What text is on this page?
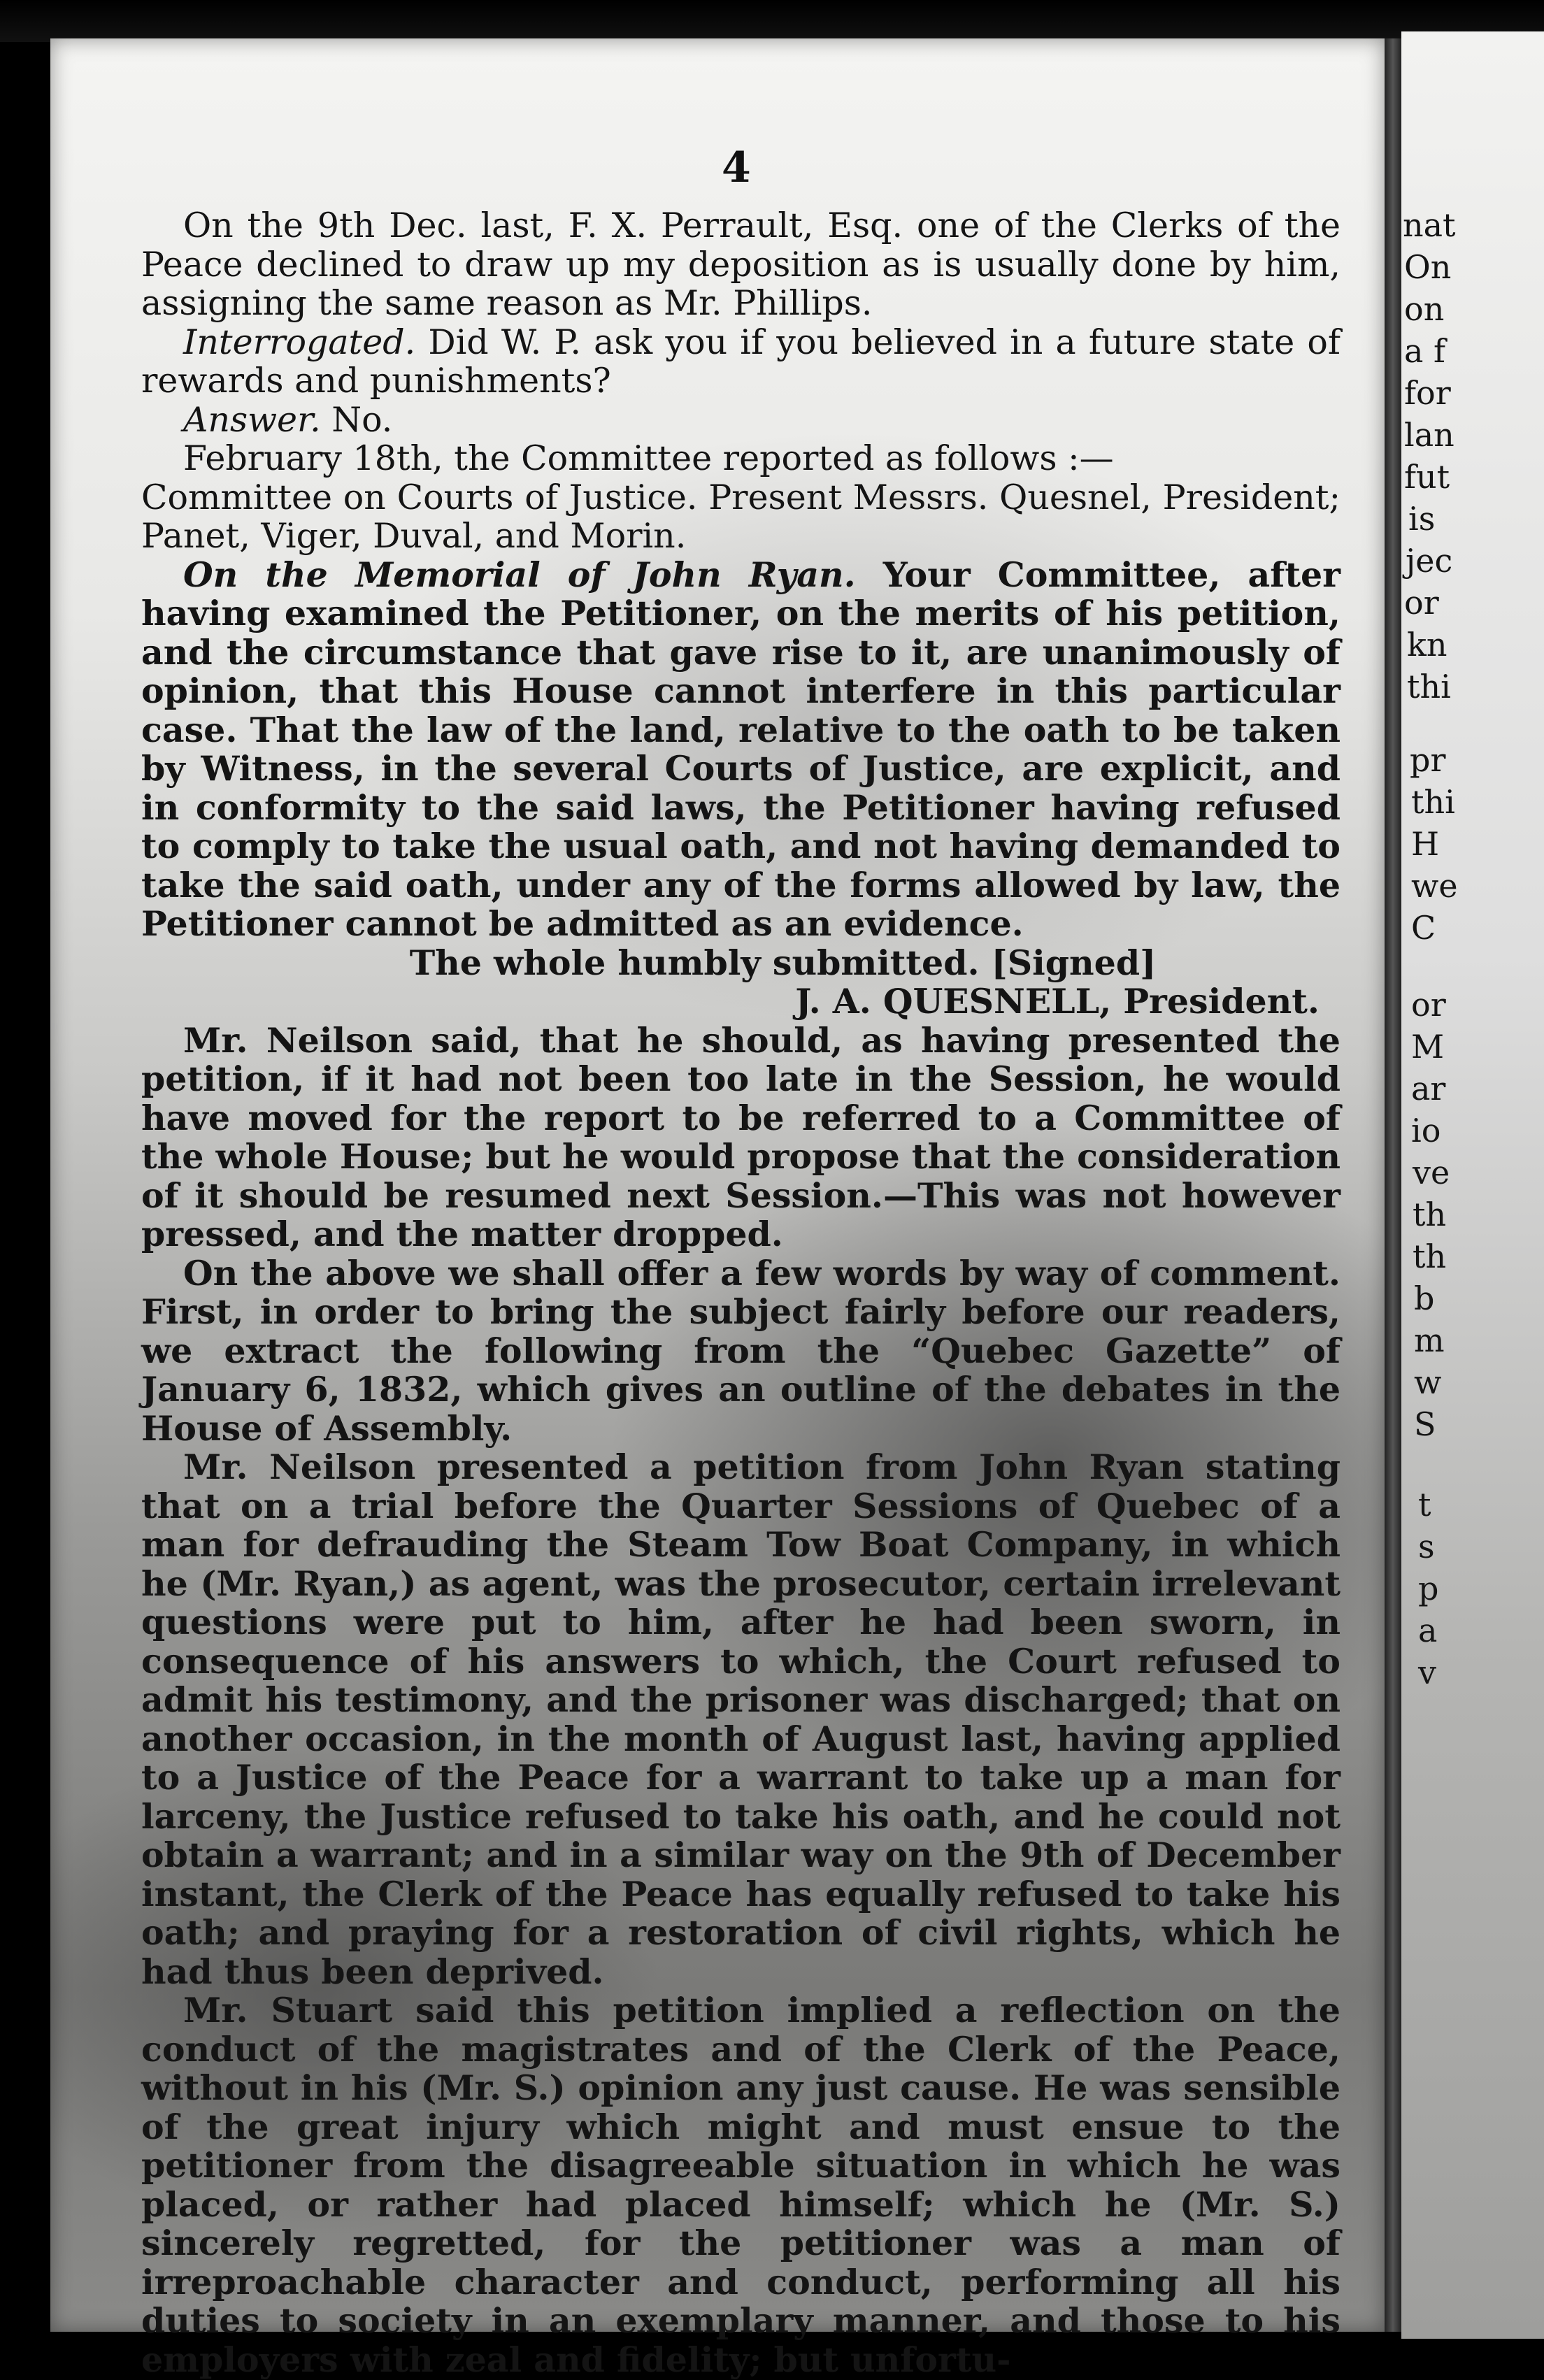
4

On the 9th Dec. last, F. X. Perrault, Esq. one of the Clerks of the Peace declined to draw up my deposition as is usually done by him, assigning the same reason as Mr. Phillips.

Interrogated. Did W. P. ask you if you believed in a future state of rewards and punishments?

Answer. No.

February 18th, the Committee reported as follows :—

Committee on Courts of Justice. Present Messrs. Quesnel, President; Panet, Viger, Duval, and Morin.

On the Memorial of John Ryan. Your Committee, after having examined the Petitioner, on the merits of his petition, and the circumstance that gave rise to it, are unanimously of opinion, that this House cannot interfere in this particular case. That the law of the land, relative to the oath to be taken by Witness, in the several Courts of Justice, are explicit, and in conformity to the said laws, the Petitioner having refused to comply to take the usual oath, and not having demanded to take the said oath, under any of the forms allowed by law, the Petitioner cannot be admitted as an evidence.

The whole humbly submitted. [Signed]

J. A. QUESNELL, President.

Mr. Neilson said, that he should, as having presented the petition, if it had not been too late in the Session, he would have moved for the report to be referred to a Committee of the whole House; but he would propose that the consideration of it should be resumed next Session.—This was not however pressed, and the matter dropped.

On the above we shall offer a few words by way of comment. First, in order to bring the subject fairly before our readers, we extract the following from the “Quebec Gazette” of January 6, 1832, which gives an outline of the debates in the House of Assembly.

Mr. Neilson presented a petition from John Ryan stating that on a trial before the Quarter Sessions of Quebec of a man for defrauding the Steam Tow Boat Company, in which he (Mr. Ryan,) as agent, was the prosecutor, certain irrelevant questions were put to him, after he had been sworn, in consequence of his answers to which, the Court refused to admit his testimony, and the prisoner was discharged; that on another occasion, in the month of August last, having applied to a Justice of the Peace for a warrant to take up a man for larceny, the Justice refused to take his oath, and he could not obtain a warrant; and in a similar way on the 9th of December instant, the Clerk of the Peace has equally refused to take his oath; and praying for a restoration of civil rights, which he had thus been deprived.

Mr. Stuart said this petition implied a reflection on the conduct of the magistrates and of the Clerk of the Peace, without in his (Mr. S.) opinion any just cause. He was sensible of the great injury which might and must ensue to the petitioner from the disagreeable situation in which he was placed, or rather had placed himself; which he (Mr. S.) sincerely regretted, for the petitioner was a man of irreproachable character and conduct, performing all his duties to society in an exemplary manner, and those to his employers with zeal and fidelity; but unfortu-

nat
On
on
a f
for
lan
fut
is
jec
or
kn
thi
pr
thi
H
we
C
or
M
ar
io
ve
th
th
b
m
w
S
t
s
p
a
v
